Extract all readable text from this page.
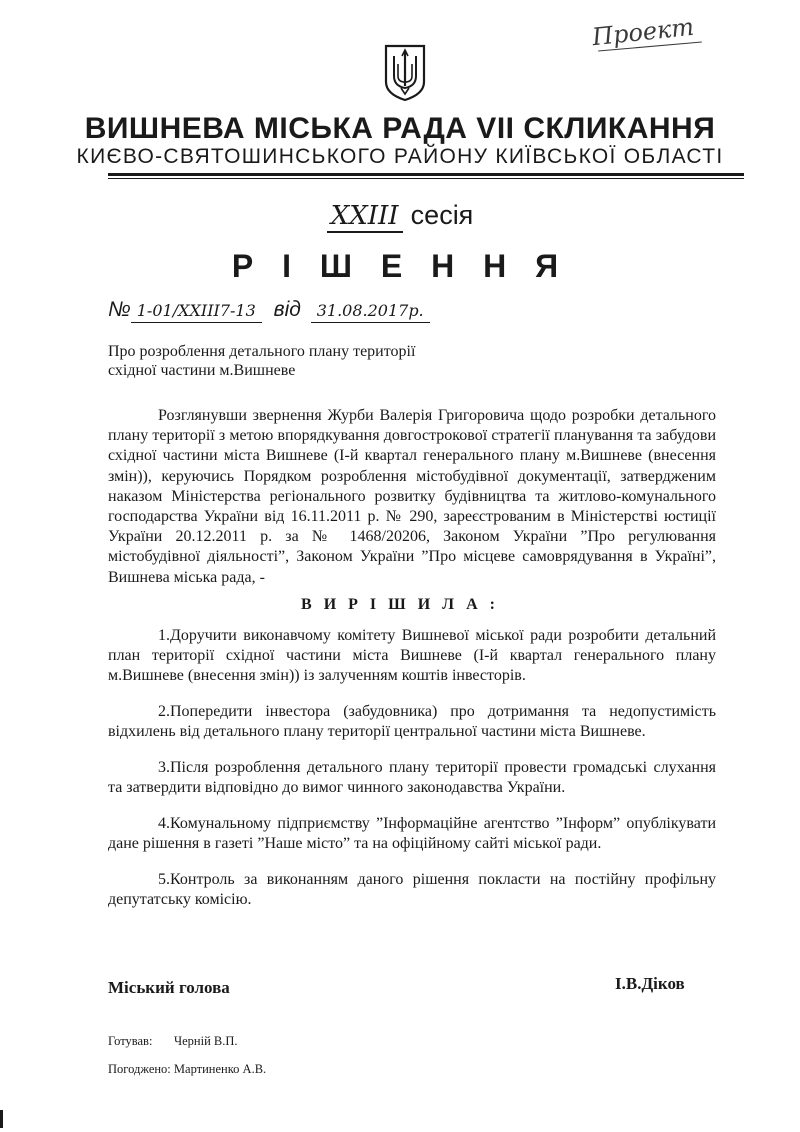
Проект
ВИШНЕВА МІСЬКА РАДА VII СКЛИКАННЯ
КИЄВО-СВЯТОШИНСЬКОГО РАЙОНУ КИЇВСЬКОЇ ОБЛАСТІ
XXIII сесія
Р І Ш Е Н Н Я
№ 1-01/XXIII7-13 від 31.08.2017р.
Про розроблення детального плану території
східної частини м.Вишневе
Розглянувши звернення Журби Валерія Григоровича щодо розробки детального плану території з метою впорядкування довгострокової стратегії планування та забудови східної частини міста Вишневе (І-й квартал генерального плану м.Вишневе (внесення змін)), керуючись Порядком розроблення містобудівної документації, затвердженим наказом Міністерства регіонального розвитку будівництва та житлово-комунального господарства України від 16.11.2011 р. № 290, зареєстрованим в Міністерстві юстиції України 20.12.2011 р. за № 1468/20206, Законом України ”Про регулювання містобудівної діяльності”, Законом України ”Про місцеве самоврядування в Україні”, Вишнева міська рада, -
В И Р І Ш И Л А :
1.Доручити виконавчому комітету Вишневої міської ради розробити детальний план території східної частини міста Вишневе (І-й квартал генерального плану м.Вишневе (внесення змін)) із залученням коштів інвесторів.
2.Попередити інвестора (забудовника) про дотримання та недопустимість відхилень від детального плану території центральної частини міста Вишневе.
3.Після розроблення детального плану території провести громадські слухання та затвердити відповідно до вимог чинного законодавства України.
4.Комунальному підприємству ”Інформаційне агентство ”Інформ” опублікувати дане рішення в газеті ”Наше місто” та на офіційному сайті міської ради.
5.Контроль за виконанням даного рішення покласти на постійну профільну депутатську комісію.
Міський голова	І.В.Діков
Готував: Черній В.П.
Погоджено: Мартиненко А.В.
